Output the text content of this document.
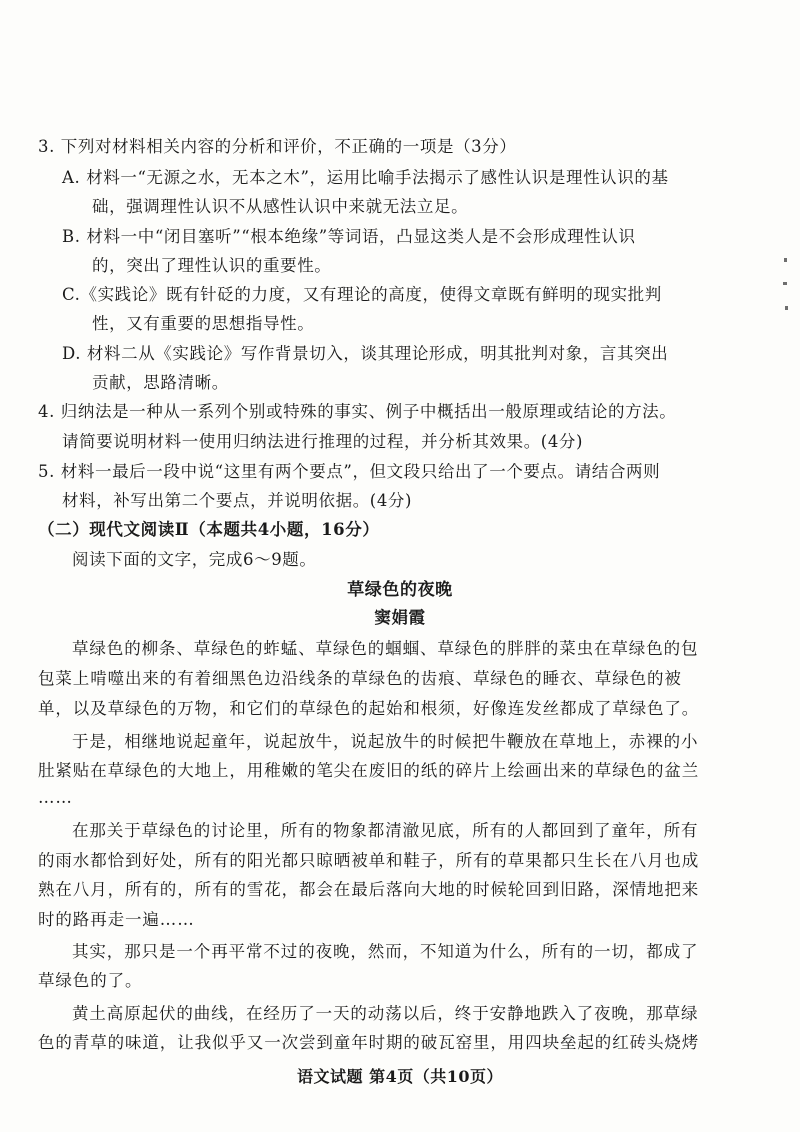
3. 下列对材料相关内容的分析和评价，不正确的一项是（3分）
A. 材料一“无源之水，无本之木”，运用比喻手法揭示了感性认识是理性认识的基
础，强调理性认识不从感性认识中来就无法立足。
B. 材料一中“闭目塞听”“根本绝缘”等词语，凸显这类人是不会形成理性认识
的，突出了理性认识的重要性。
C.《实践论》既有针砭的力度，又有理论的高度，使得文章既有鲜明的现实批判
性，又有重要的思想指导性。
D. 材料二从《实践论》写作背景切入，谈其理论形成，明其批判对象，言其突出
贡献，思路清晰。
4. 归纳法是一种从一系列个别或特殊的事实、例子中概括出一般原理或结论的方法。
请简要说明材料一使用归纳法进行推理的过程，并分析其效果。(4分)
5. 材料一最后一段中说“这里有两个要点”，但文段只给出了一个要点。请结合两则
材料，补写出第二个要点，并说明依据。(4分)
（二）现代文阅读Ⅱ（本题共4小题，16分）
阅读下面的文字，完成6～9题。
草绿色的夜晚
窦娟霞
草绿色的柳条、草绿色的蚱蜢、草绿色的蝈蝈、草绿色的胖胖的菜虫在草绿色的包
包菜上啃噬出来的有着细黑色边沿线条的草绿色的齿痕、草绿色的睡衣、草绿色的被
单，以及草绿色的万物，和它们的草绿色的起始和根须，好像连发丝都成了草绿色了。
于是，相继地说起童年，说起放牛，说起放牛的时候把牛鞭放在草地上，赤裸的小
肚紧贴在草绿色的大地上，用稚嫩的笔尖在废旧的纸的碎片上绘画出来的草绿色的盆兰
……
在那关于草绿色的讨论里，所有的物象都清澈见底，所有的人都回到了童年，所有
的雨水都恰到好处，所有的阳光都只晾晒被单和鞋子，所有的草果都只生长在八月也成
熟在八月，所有的，所有的雪花，都会在最后落向大地的时候轮回到旧路，深情地把来
时的路再走一遍……
其实，那只是一个再平常不过的夜晚，然而，不知道为什么，所有的一切，都成了
草绿色的了。
黄土高原起伏的曲线，在经历了一天的动荡以后，终于安静地跌入了夜晚，那草绿
色的青草的味道，让我似乎又一次尝到童年时期的破瓦窑里，用四块垒起的红砖头烧烤
语文试题 第4页（共10页）
